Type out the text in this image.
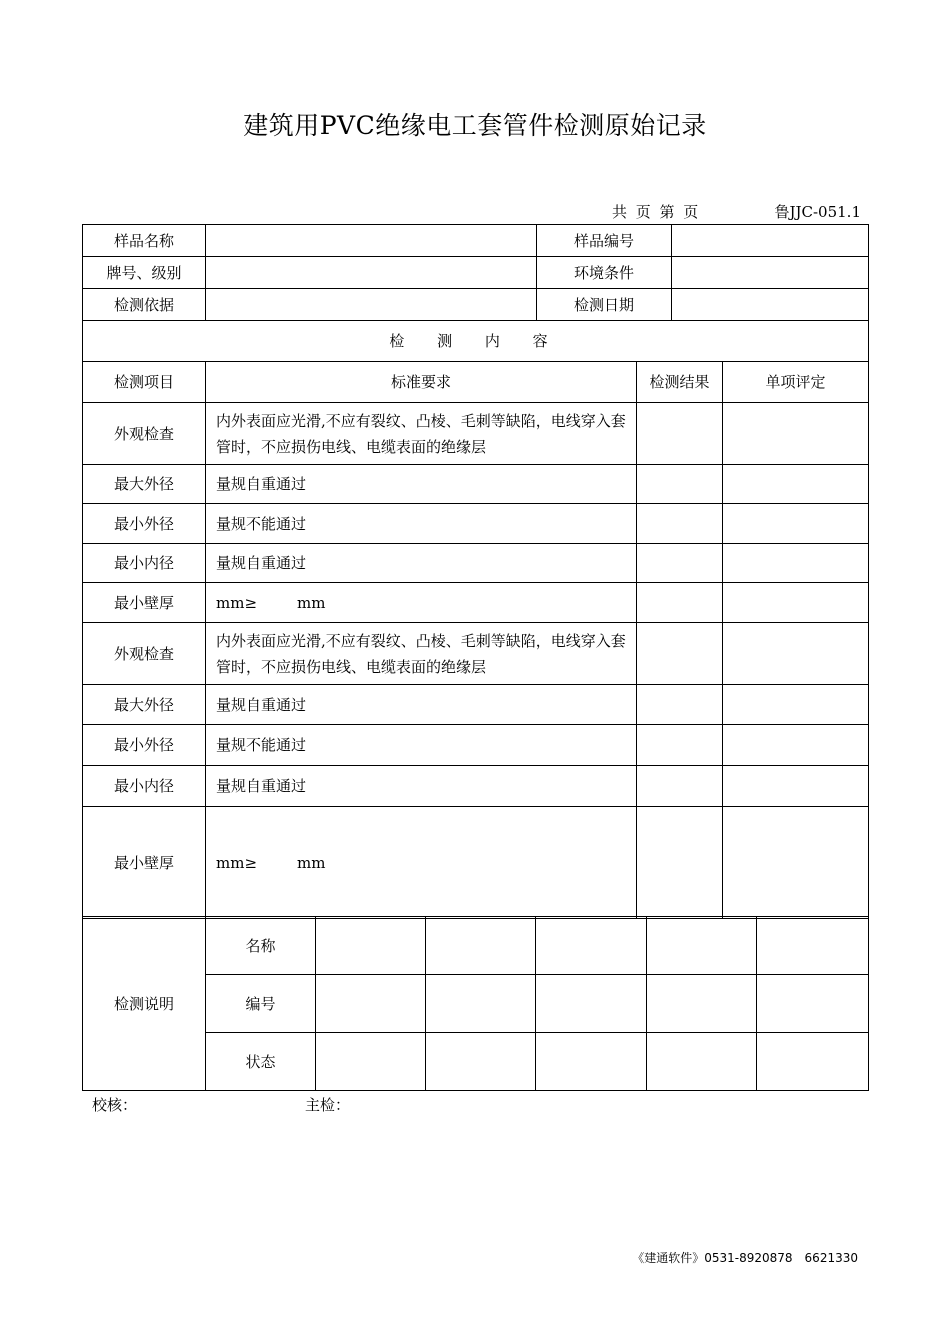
建筑用PVC绝缘电工套管件检测原始记录
共 页 第 页	鲁JJC-051.1
样品名称		样品编号	
牌号、级别		环境条件	
检测依据		检测日期	
检 测 内 容			
检测项目	标准要求	检测结果	单项评定
外观检查	内外表面应光滑,不应有裂纹、凸棱、毛刺等缺陷，电线穿入套管时，不应损伤电线、电缆表面的绝缘层		
最大外径	量规自重通过		
最小外径	量规不能通过		
最小内径	量规自重通过		
最小壁厚	mm≥ mm		
外观检查	内外表面应光滑,不应有裂纹、凸棱、毛刺等缺陷，电线穿入套管时，不应损伤电线、电缆表面的绝缘层		
最大外径	量规自重通过		
最小外径	量规不能通过		
最小内径	量规自重通过		
最小壁厚	mm≥ mm		
检测说明	名称					
	编号					
	状态					
校核：	主检：
《建通软件》0531-8920878　6621330
